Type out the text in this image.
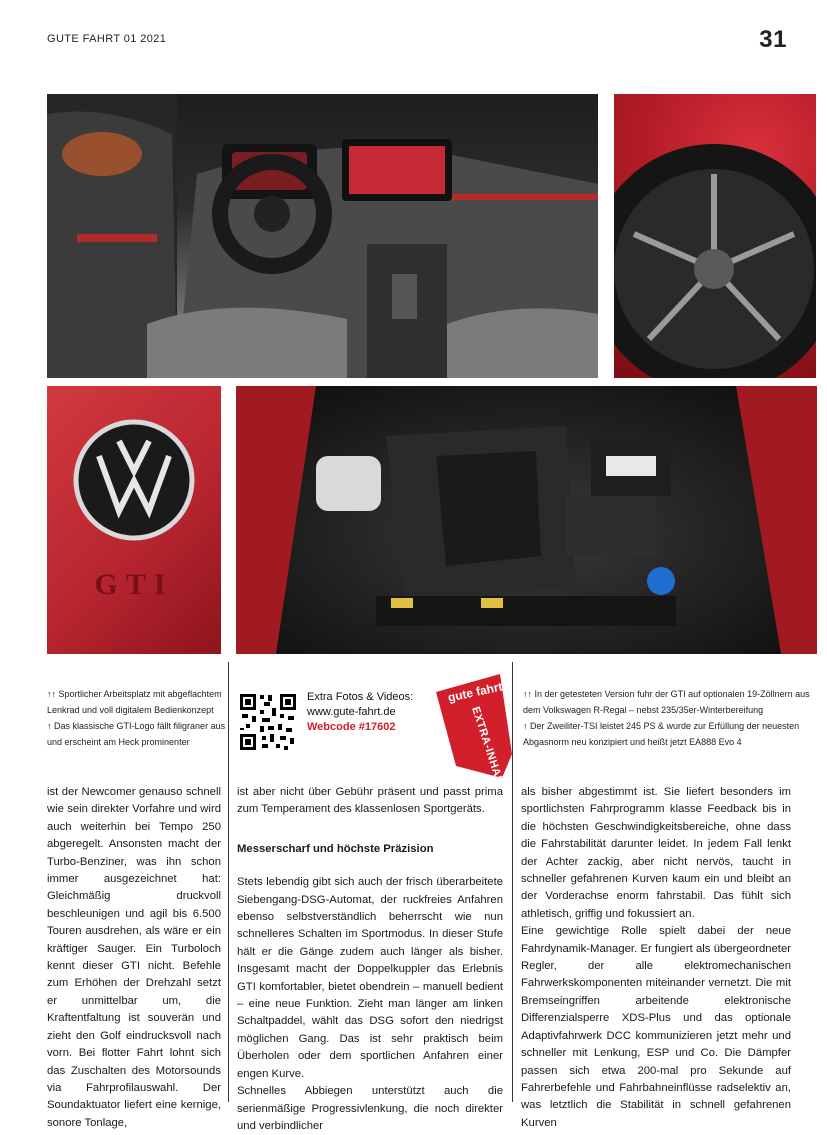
GUTE FAHRT 01 2021	31
GTI
↑↑ Sportlicher Arbeitsplatz mit abgeflachtem Lenkrad und voll digitalem Bedienkonzept
↑ Das klassische GTI-Logo fällt filigraner aus und erscheint am Heck prominenter
Extra Fotos & Videos:
www.gute-fahrt.de
Webcode #17602
gute fahrt
EXTRA-INHALTE
↑↑ In der getesteten Version fuhr der GTI auf optionalen 19-Zöllnern aus dem Volkswagen R-Regal – nebst 235/35er-Winterbereifung
↑ Der Zweiliter-TSI leistet 245 PS & wurde zur Erfüllung der neuesten Abgasnorm neu konzipiert und heißt jetzt EA888 Evo 4

ist der Newcomer genauso schnell wie sein direkter Vorfahre und wird auch weiterhin bei Tempo 250 abgeregelt. Ansonsten macht der Turbo-Benziner, was ihn schon immer ausgezeichnet hat: Gleichmäßig druckvoll beschleunigen und agil bis 6.500 Touren ausdrehen, als wäre er ein kräftiger Sauger. Ein Turboloch kennt dieser GTI nicht. Befehle zum Erhöhen der Drehzahl setzt er unmittelbar um, die Kraftentfaltung ist souverän und zieht den Golf eindrucksvoll nach vorn. Bei flotter Fahrt lohnt sich das Zuschalten des Motorsounds via Fahrprofilauswahl. Der Soundaktuator liefert eine kernige, sonore Tonlage,

ist aber nicht über Gebühr präsent und passt prima zum Temperament des klassenlosen Sportgeräts.

Messerscharf und höchste Präzision

Stets lebendig gibt sich auch der frisch überarbeitete Siebengang-DSG-Automat, der ruckfreies Anfahren ebenso selbstverständlich beherrscht wie nun schnelleres Schalten im Sportmodus. In dieser Stufe hält er die Gänge zudem auch länger als bisher. Insgesamt macht der Doppelkuppler das Erlebnis GTI komfortabler, bietet obendrein – manuell bedient – eine neue Funktion. Zieht man länger am linken Schaltpaddel, wählt das DSG sofort den niedrigst möglichen Gang. Das ist sehr praktisch beim Überholen oder dem sportlichen Anfahren einer engen Kurve.

Schnelles Abbiegen unterstützt auch die serienmäßige Progressivlenkung, die noch direkter und verbindlicher

als bisher abgestimmt ist. Sie liefert besonders im sportlichsten Fahrprogramm klasse Feedback bis in die höchsten Geschwindigkeitsbereiche, ohne dass die Fahrstabilität darunter leidet. In jedem Fall lenkt der Achter zackig, aber nicht nervös, taucht in schneller gefahrenen Kurven kaum ein und bleibt an der Vorderachse enorm fahrstabil. Das fühlt sich athletisch, griffig und fokussiert an.

Eine gewichtige Rolle spielt dabei der neue Fahrdynamik-Manager. Er fungiert als übergeordneter Regler, der alle elektromechanischen Fahrwerkskomponenten miteinander vernetzt. Die mit Bremseingriffen arbeitende elektronische Differenzialsperre XDS-Plus und das optionale Adaptivfahrwerk DCC kommunizieren jetzt mehr und schneller mit Lenkung, ESP und Co. Die Dämpfer passen sich etwa 200-mal pro Sekunde auf Fahrerbefehle und Fahrbahneinflüsse radselektiv an, was letztlich die Stabilität in schnell gefahrenen Kurven
